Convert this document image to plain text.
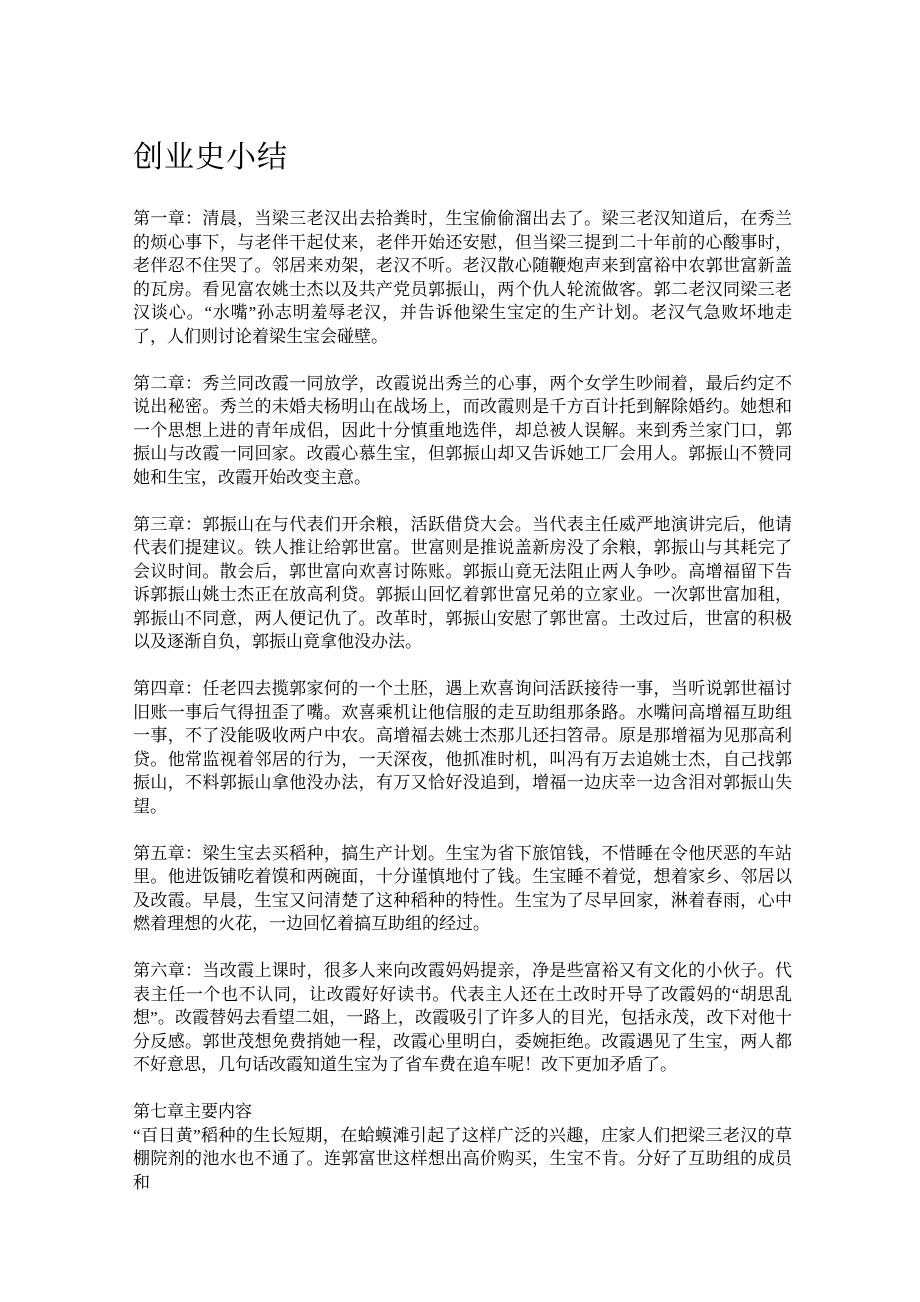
创业史小结

第一章：清晨，当梁三老汉出去拾粪时，生宝偷偷溜出去了。梁三老汉知道后，在秀兰的烦心事下，与老伴干起仗来，老伴开始还安慰，但当梁三提到二十年前的心酸事时，老伴忍不住哭了。邻居来劝架，老汉不听。老汉散心随鞭炮声来到富裕中农郭世富新盖的瓦房。看见富农姚士杰以及共产党员郭振山，两个仇人轮流做客。郭二老汉同梁三老汉谈心。“水嘴”孙志明羞辱老汉，并告诉他梁生宝定的生产计划。老汉气急败坏地走了，人们则讨论着梁生宝会碰壁。

第二章：秀兰同改霞一同放学，改霞说出秀兰的心事，两个女学生吵闹着，最后约定不说出秘密。秀兰的未婚夫杨明山在战场上，而改霞则是千方百计托到解除婚约。她想和一个思想上进的青年成侣，因此十分慎重地选伴，却总被人误解。来到秀兰家门口，郭振山与改霞一同回家。改霞心慕生宝，但郭振山却又告诉她工厂会用人。郭振山不赞同她和生宝，改霞开始改变主意。

第三章：郭振山在与代表们开余粮，活跃借贷大会。当代表主任威严地演讲完后，他请代表们提建议。铁人推让给郭世富。世富则是推说盖新房没了余粮，郭振山与其耗完了会议时间。散会后，郭世富向欢喜讨陈账。郭振山竟无法阻止两人争吵。高增福留下告诉郭振山姚士杰正在放高利贷。郭振山回忆着郭世富兄弟的立家业。一次郭世富加租，郭振山不同意，两人便记仇了。改革时，郭振山安慰了郭世富。土改过后，世富的积极以及逐渐自负，郭振山竟拿他没办法。

第四章：任老四去揽郭家何的一个土胚，遇上欢喜询问活跃接待一事，当听说郭世福讨旧账一事后气得扭歪了嘴。欢喜乘机让他信服的走互助组那条路。水嘴问高增福互助组一事，不了没能吸收两户中农。高增福去姚士杰那儿还扫笤帚。原是那增福为见那高利贷。他常监视着邻居的行为，一天深夜，他抓准时机，叫冯有万去追姚士杰，自己找郭振山，不料郭振山拿他没办法，有万又恰好没追到，增福一边庆幸一边含泪对郭振山失望。

第五章：梁生宝去买稻种，搞生产计划。生宝为省下旅馆钱，不惜睡在令他厌恶的车站里。他进饭铺吃着馍和两碗面，十分谨慎地付了钱。生宝睡不着觉，想着家乡、邻居以及改霞。早晨，生宝又问清楚了这种稻种的特性。生宝为了尽早回家，淋着春雨，心中燃着理想的火花，一边回忆着搞互助组的经过。

第六章：当改霞上课时，很多人来向改霞妈妈提亲，净是些富裕又有文化的小伙子。代表主任一个也不认同，让改霞好好读书。代表主人还在土改时开导了改霞妈的“胡思乱想”。改霞替妈去看望二姐，一路上，改霞吸引了许多人的目光，包括永茂，改下对他十分反感。郭世茂想免费捎她一程，改霞心里明白，委婉拒绝。改霞遇见了生宝，两人都不好意思，几句话改霞知道生宝为了省车费在追车呢！改下更加矛盾了。

第七章主要内容

“百日黄”稻种的生长短期，在蛤蟆滩引起了这样广泛的兴趣，庄家人们把梁三老汉的草棚院剂的池水也不通了。连郭富世这样想出高价购买，生宝不肯。分好了互助组的成员和
